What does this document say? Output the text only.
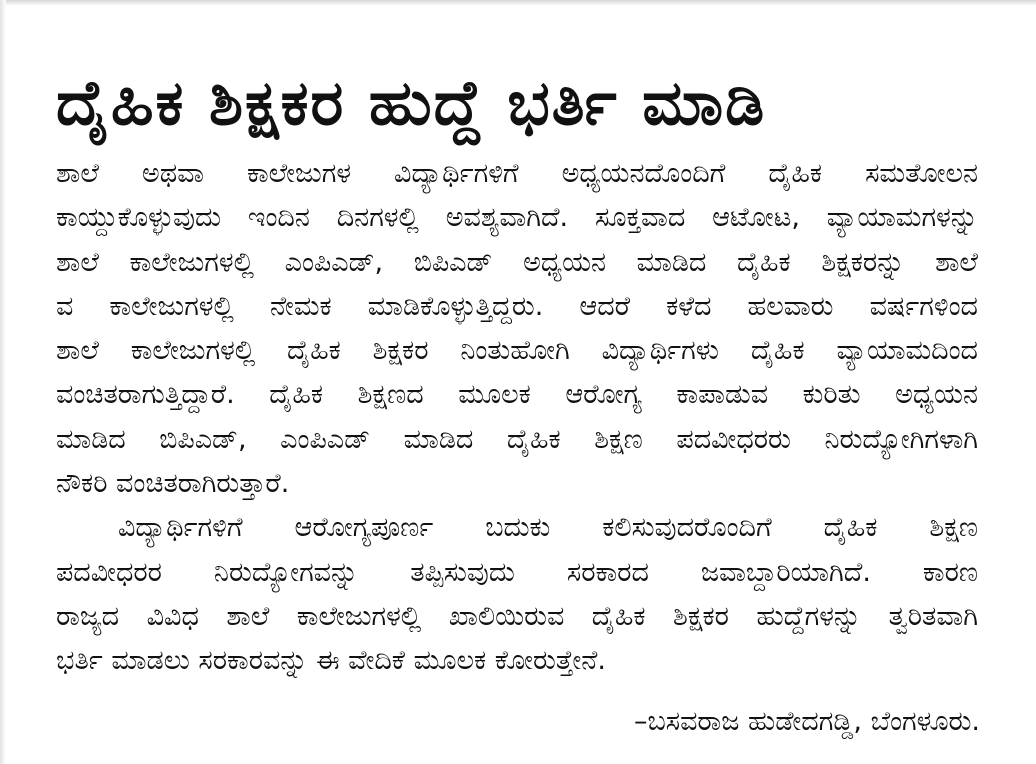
ದೈಹಿಕ ಶಿಕ್ಷಕರ ಹುದ್ದೆ ಭರ್ತಿ ಮಾಡಿ
ಶಾಲೆ ಅಥವಾ ಕಾಲೇಜುಗಳ ವಿದ್ಯಾರ್ಥಿಗಳಿಗೆ ಅಧ್ಯಯನದೊಂದಿಗೆ ದೈಹಿಕ ಸಮತೋಲನ
ಕಾಯ್ದುಕೊಳ್ಳುವುದು ಇಂದಿನ ದಿನಗಳಲ್ಲಿ ಅವಶ್ಯವಾಗಿದೆ. ಸೂಕ್ತವಾದ ಆಟೋಟ, ವ್ಯಾಯಾಮಗಳನ್ನು
ಶಾಲೆ ಕಾಲೇಜುಗಳಲ್ಲಿ ಎಂಪಿಎಡ್, ಬಿಪಿಎಡ್ ಅಧ್ಯಯನ ಮಾಡಿದ ದೈಹಿಕ ಶಿಕ್ಷಕರನ್ನು ಶಾಲೆ
ವ ಕಾಲೇಜುಗಳಲ್ಲಿ ನೇಮಕ ಮಾಡಿಕೊಳ್ಳುತ್ತಿದ್ದರು. ಆದರೆ ಕಳೆದ ಹಲವಾರು ವರ್ಷಗಳಿಂದ
ಶಾಲೆ ಕಾಲೇಜುಗಳಲ್ಲಿ ದೈಹಿಕ ಶಿಕ್ಷಕರ ನಿಂತುಹೋಗಿ ವಿದ್ಯಾರ್ಥಿಗಳು ದೈಹಿಕ ವ್ಯಾಯಾಮದಿಂದ
ವಂಚಿತರಾಗುತ್ತಿದ್ದಾರೆ. ದೈಹಿಕ ಶಿಕ್ಷಣದ ಮೂಲಕ ಆರೋಗ್ಯ ಕಾಪಾಡುವ ಕುರಿತು ಅಧ್ಯಯನ
ಮಾಡಿದ ಬಿಪಿಎಡ್, ಎಂಪಿಎಡ್ ಮಾಡಿದ ದೈಹಿಕ ಶಿಕ್ಷಣ ಪದವೀಧರರು ನಿರುದ್ಯೋಗಿಗಳಾಗಿ
ನೌಕರಿ ವಂಚಿತರಾಗಿರುತ್ತಾರೆ.
ವಿದ್ಯಾರ್ಥಿಗಳಿಗೆ ಆರೋಗ್ಯಪೂರ್ಣ ಬದುಕು ಕಲಿಸುವುದರೊಂದಿಗೆ ದೈಹಿಕ ಶಿಕ್ಷಣ
ಪದವೀಧರರ ನಿರುದ್ಯೋಗವನ್ನು ತಪ್ಪಿಸುವುದು ಸರಕಾರದ ಜವಾಬ್ದಾರಿಯಾಗಿದೆ. ಕಾರಣ
ರಾಜ್ಯದ ವಿವಿಧ ಶಾಲೆ ಕಾಲೇಜುಗಳಲ್ಲಿ ಖಾಲಿಯಿರುವ ದೈಹಿಕ ಶಿಕ್ಷಕರ ಹುದ್ದೆಗಳನ್ನು ತ್ವರಿತವಾಗಿ
ಭರ್ತಿ ಮಾಡಲು ಸರಕಾರವನ್ನು ಈ ವೇದಿಕೆ ಮೂಲಕ ಕೋರುತ್ತೇನೆ.
–ಬಸವರಾಜ ಹುಡೇದಗಡ್ಡಿ, ಬೆಂಗಳೂರು.
